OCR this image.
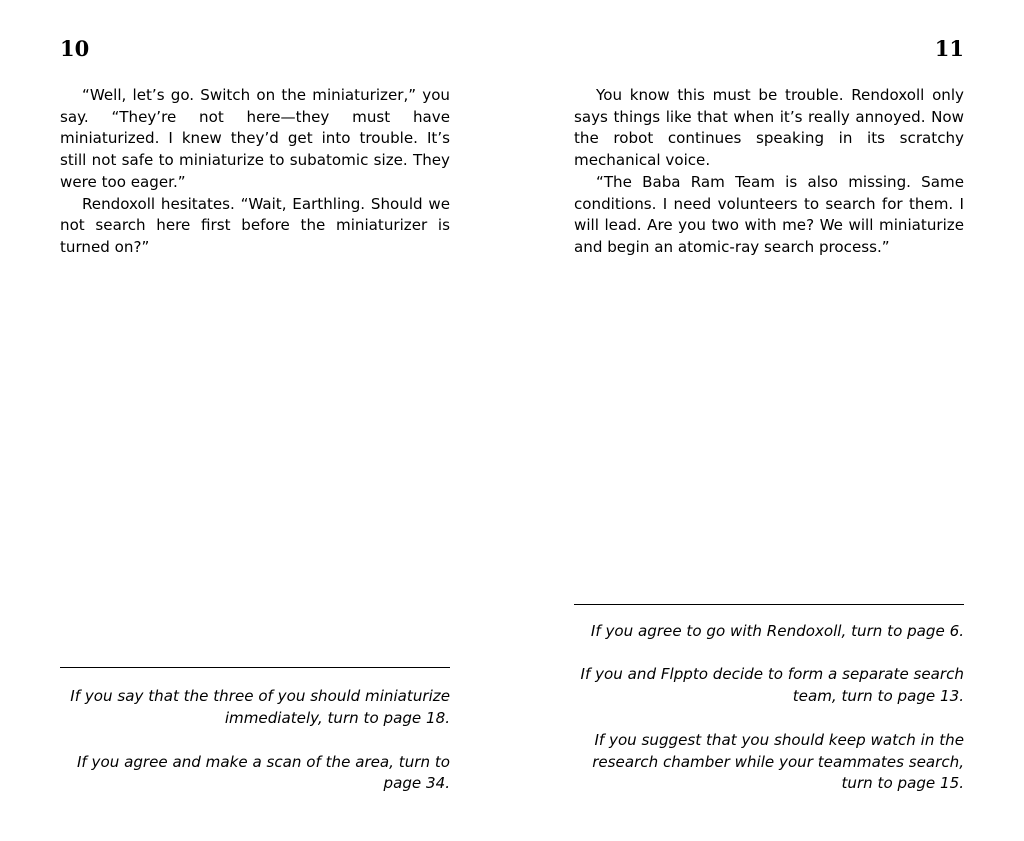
10

“Well, let’s go. Switch on the miniaturizer,” you say. “They’re not here—they must have miniaturized. I knew they’d get into trouble. It’s still not safe to miniaturize to subatomic size. They were too eager.”

Rendoxoll hesitates. “Wait, Earthling. Should we not search here first before the miniaturizer is turned on?”

If you say that the three of you should miniaturize immediately, turn to page 18.

If you agree and make a scan of the area, turn to page 34.

11

You know this must be trouble. Rendoxoll only says things like that when it’s really annoyed. Now the robot continues speaking in its scratchy mechanical voice.

“The Baba Ram Team is also missing. Same conditions. I need volunteers to search for them. I will lead. Are you two with me? We will miniaturize and begin an atomic-ray search process.”

If you agree to go with Rendoxoll, turn to page 6.

If you and Flppto decide to form a separate search team, turn to page 13.

If you suggest that you should keep watch in the research chamber while your teammates search, turn to page 15.
